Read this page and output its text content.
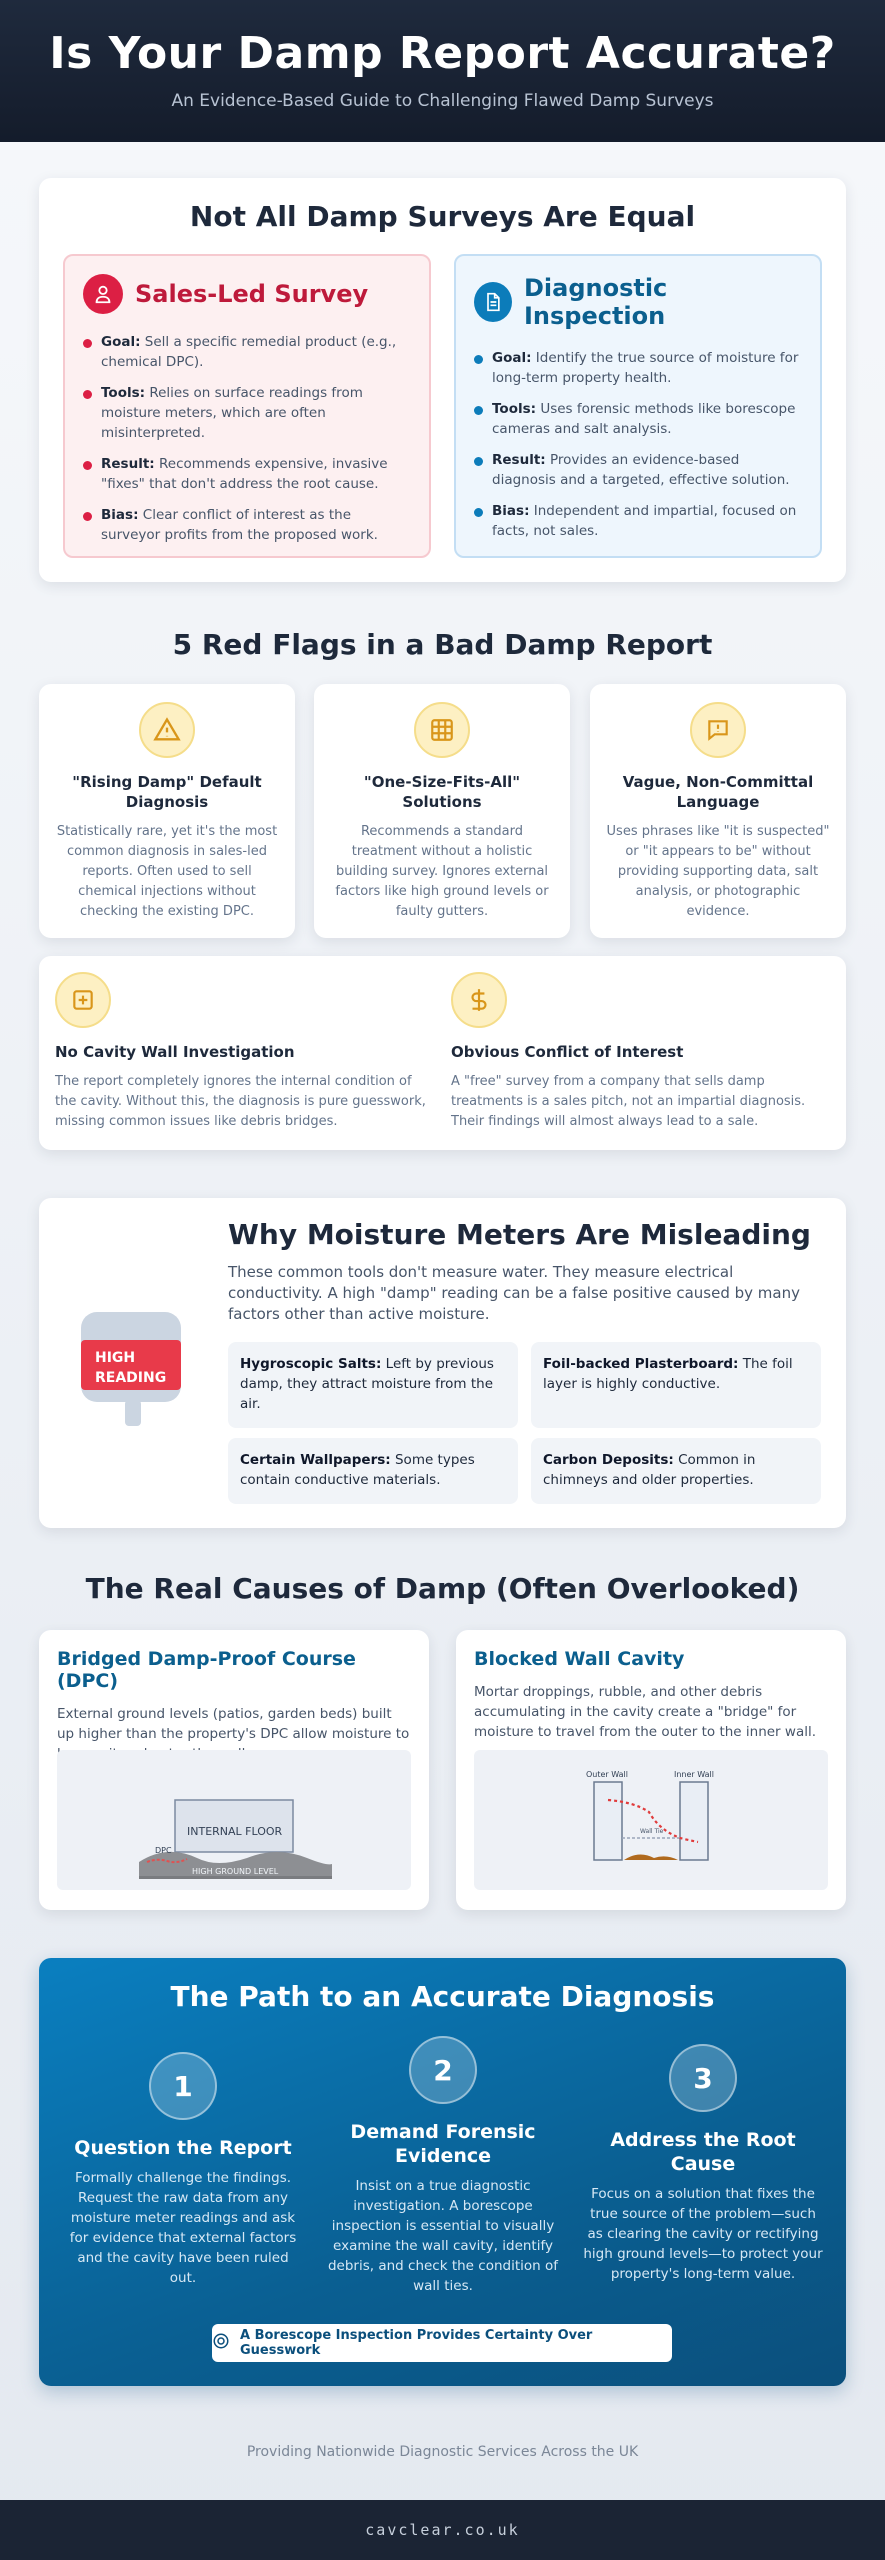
Is Your Damp Report Accurate?

An Evidence-Based Guide to Challenging Flawed Damp Surveys

Not All Damp Surveys Are Equal
Sales-Led Survey
Goal: Sell a specific remedial product (e.g., chemical DPC).
Tools: Relies on surface readings from moisture meters, which are often misinterpreted.
Result: Recommends expensive, invasive "fixes" that don't address the root cause.
Bias: Clear conflict of interest as the surveyor profits from the proposed work.
Diagnostic Inspection
Goal: Identify the true source of moisture for long-term property health.
Tools: Uses forensic methods like borescope cameras and salt analysis.
Result: Provides an evidence-based diagnosis and a targeted, effective solution.
Bias: Independent and impartial, focused on facts, not sales.
5 Red Flags in a Bad Damp Report
"Rising Damp" Default Diagnosis

Statistically rare, yet it's the most common diagnosis in sales-led reports. Often used to sell chemical injections without checking the existing DPC.

"One-Size-Fits-All" Solutions

Recommends a standard treatment without a holistic building survey. Ignores external factors like high ground levels or faulty gutters.

Vague, Non-Committal Language

Uses phrases like "it is suspected" or "it appears to be" without providing supporting data, salt analysis, or photographic evidence.

No Cavity Wall Investigation

The report completely ignores the internal condition of the cavity. Without this, the diagnosis is pure guesswork, missing common issues like debris bridges.

Obvious Conflict of Interest

A "free" survey from a company that sells damp treatments is a sales pitch, not an impartial diagnosis. Their findings will almost always lead to a sale.

HIGH
READING
Why Moisture Meters Are Misleading

These common tools don't measure water. They measure electrical conductivity. A high "damp" reading can be a false positive caused by many factors other than active moisture.

Hygroscopic Salts: Left by previous damp, they attract moisture from the air.
Foil-backed Plasterboard: The foil layer is highly conductive.
Certain Wallpapers: Some types contain conductive materials.
Carbon Deposits: Common in chimneys and older properties.
The Real Causes of Damp (Often Overlooked)
Bridged Damp-Proof Course (DPC)

External ground levels (patios, garden beds) built up higher than the property's DPC allow moisture to

INTERNAL FLOOR
DPC
HIGH GROUND LEVEL
Blocked Wall Cavity

Mortar droppings, rubble, and other debris accumulating in the cavity create a "bridge" for moisture to travel from the outer to the inner wall.

Outer Wall	Inner Wall
Wall Tie
The Path to an Accurate Diagnosis
1
Question the Report

Formally challenge the findings. Request the raw data from any moisture meter readings and ask for evidence that external factors and the cavity have been ruled out.

2
Demand Forensic Evidence

Insist on a true diagnostic investigation. A borescope inspection is essential to visually examine the wall cavity, identify debris, and check the condition of wall ties.

3
Address the Root Cause

Focus on a solution that fixes the true source of the problem—such as clearing the cavity or rectifying high ground levels—to protect your property's long-term value.

A Borescope Inspection Provides Certainty Over Guesswork

Providing Nationwide Diagnostic Services Across the UK

cavclear.co.uk
